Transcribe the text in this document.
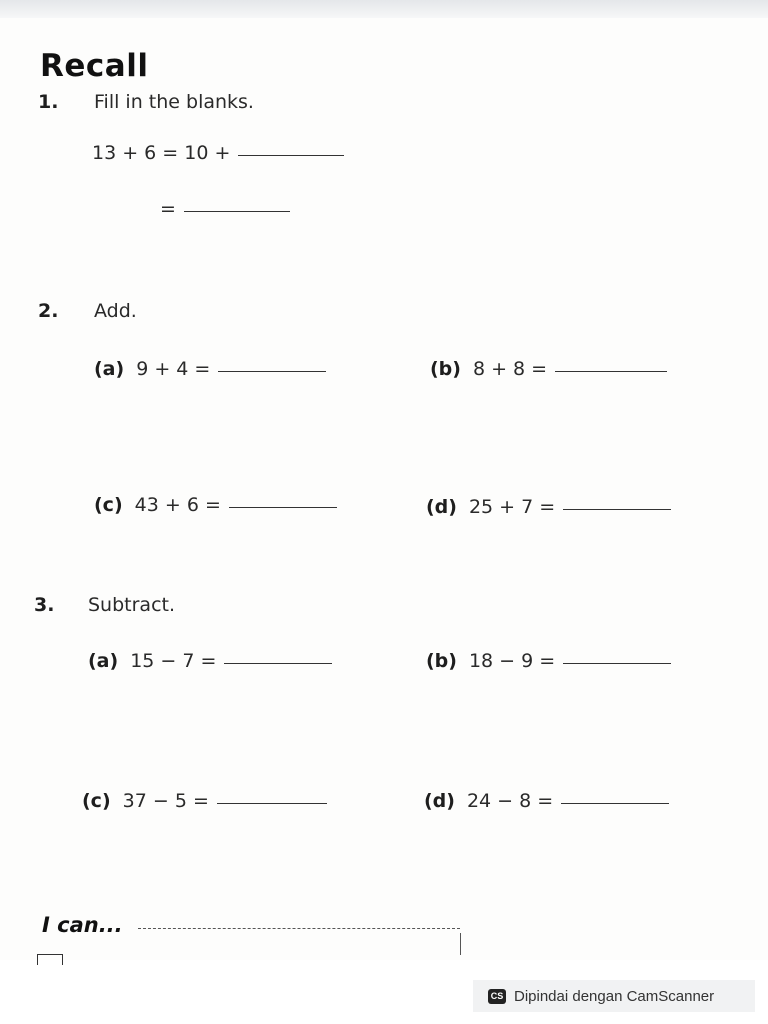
Recall
1. Fill in the blanks.
13 + 6 = 10 +
=
2. Add.
(a) 9 + 4 =	(b) 8 + 8 =
(c) 43 + 6 =	(d) 25 + 7 =
3. Subtract.
(a) 15 − 7 =	(b) 18 − 9 =
(c) 37 − 5 =	(d) 24 − 8 =
I can...
CS Dipindai dengan CamScanner
